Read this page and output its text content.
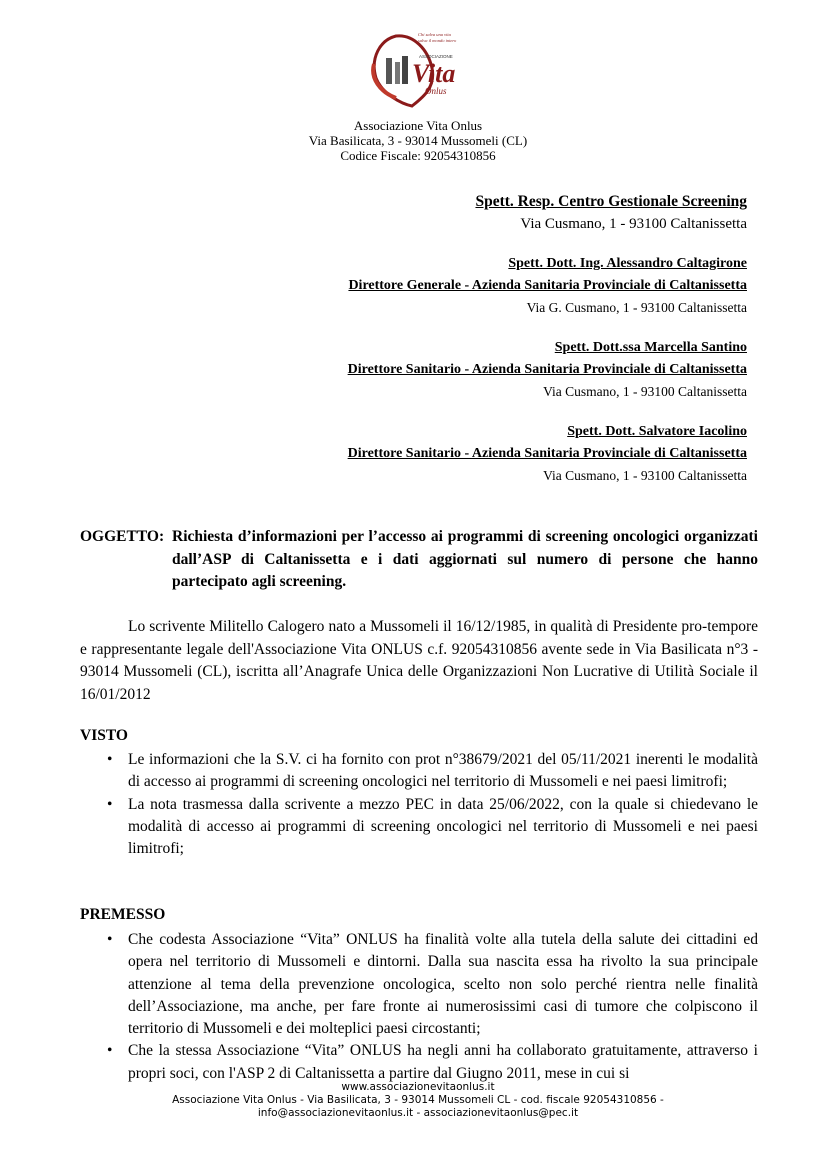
Vita
Onlus
ASSOCIAZIONE
Chi salva una vita
salva il mondo intero
Associazione Vita Onlus
Via Basilicata, 3 - 93014 Mussomeli (CL)
Codice Fiscale: 92054310856
Spett. Resp. Centro Gestionale Screening
Via Cusmano, 1 - 93100 Caltanissetta
Spett. Dott. Ing. Alessandro Caltagirone
Direttore Generale - Azienda Sanitaria Provinciale di Caltanissetta
Via G. Cusmano, 1 - 93100 Caltanissetta
Spett. Dott.ssa Marcella Santino
Direttore Sanitario - Azienda Sanitaria Provinciale di Caltanissetta
Via Cusmano, 1 - 93100 Caltanissetta
Spett. Dott. Salvatore Iacolino
Direttore Sanitario - Azienda Sanitaria Provinciale di Caltanissetta
Via Cusmano, 1 - 93100 Caltanissetta
OGGETTO: Richiesta d’informazioni per l’accesso ai programmi di screening oncologici organizzati dall’ASP di Caltanissetta e i dati aggiornati sul numero di persone che hanno partecipato agli screening.
Lo scrivente Militello Calogero nato a Mussomeli il 16/12/1985, in qualità di Presidente pro-tempore e rappresentante legale dell'Associazione Vita ONLUS c.f. 92054310856 avente sede in Via Basilicata n°3 - 93014 Mussomeli (CL), iscritta all’Anagrafe Unica delle Organizzazioni Non Lucrative di Utilità Sociale il 16/01/2012
VISTO
• Le informazioni che la S.V. ci ha fornito con prot n°38679/2021 del 05/11/2021 inerenti le modalità di accesso ai programmi di screening oncologici nel territorio di Mussomeli e nei paesi limitrofi;
• La nota trasmessa dalla scrivente a mezzo PEC in data 25/06/2022, con la quale si chiedevano le modalità di accesso ai programmi di screening oncologici nel territorio di Mussomeli e nei paesi limitrofi;
PREMESSO
• Che codesta Associazione “Vita” ONLUS ha finalità volte alla tutela della salute dei cittadini ed opera nel territorio di Mussomeli e dintorni. Dalla sua nascita essa ha rivolto la sua principale attenzione al tema della prevenzione oncologica, scelto non solo perché rientra nelle finalità dell’Associazione, ma anche, per fare fronte ai numerosissimi casi di tumore che colpiscono il territorio di Mussomeli e dei molteplici paesi circostanti;
• Che la stessa Associazione “Vita” ONLUS ha negli anni ha collaborato gratuitamente, attraverso i propri soci, con l'ASP 2 di Caltanissetta a partire dal Giugno 2011, mese in cui si
www.associazionevitaonlus.it
Associazione Vita Onlus - Via Basilicata, 3 - 93014 Mussomeli CL - cod. fiscale 92054310856 -
info@associazionevitaonlus.it - associazionevitaonlus@pec.it
